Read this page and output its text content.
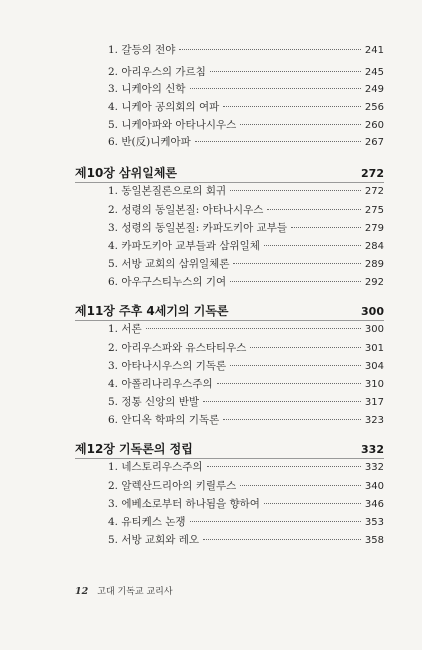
1. 갈등의 전야	241
2. 아리우스의 가르침	245
3. 니케아의 신학	249
4. 니케아 공의회의 여파	256
5. 니케아파와 아타나시우스	260
6. 반(反)니케아파	267
제10장 삼위일체론	272
1. 동일본질론으로의 회귀	272
2. 성령의 동일본질: 아타나시우스	275
3. 성령의 동일본질: 카파도키아 교부들	279
4. 카파도키아 교부들과 삼위일체	284
5. 서방 교회의 삼위일체론	289
6. 아우구스티누스의 기여	292
제11장 주후 4세기의 기독론	300
1. 서론	300
2. 아리우스파와 유스타티우스	301
3. 아타나시우스의 기독론	304
4. 아폴리나리우스주의	310
5. 정통 신앙의 반발	317
6. 안디옥 학파의 기독론	323
제12장 기독론의 정립	332
1. 네스토리우스주의	332
2. 알렉산드리아의 키릴루스	340
3. 에베소로부터 하나됨을 향하여	346
4. 유티케스 논쟁	353
5. 서방 교회와 레오	358
12 고대 기독교 교리사
